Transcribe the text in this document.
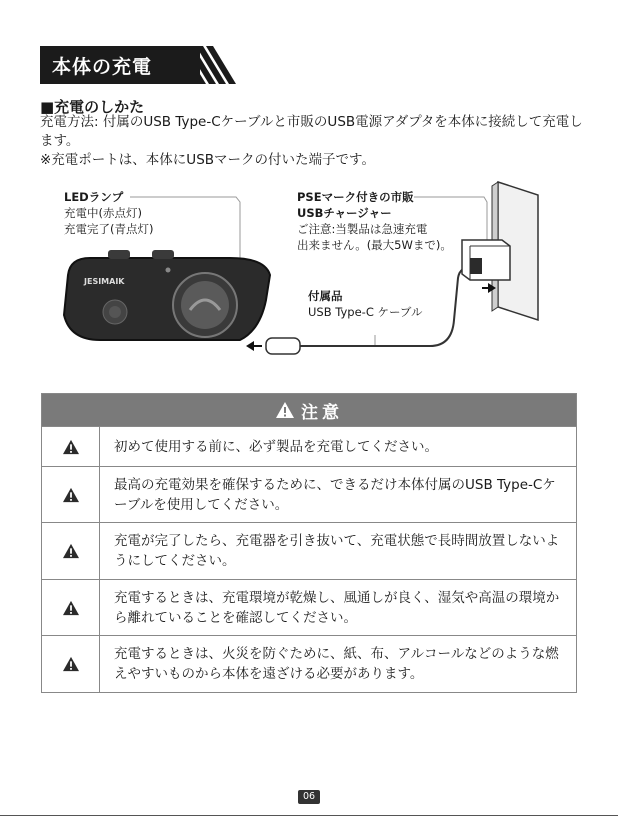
本体の充電
■充電のしかた
充電方法: 付属のUSB Type-Cケーブルと市販のUSB電源アダプタを本体に接続して充電します。
※充電ポートは、本体にUSBマークの付いた端子です。
JESIMAIK
LEDランプ
充電中(赤点灯)
充電完了(青点灯)
PSEマーク付きの市販
USBチャージャー
ご注意:当製品は急速充電
出来ません。(最大5Wまで)。
付属品
USB Type-C ケーブル
注意
初めて使用する前に、必ず製品を充電してください。
最高の充電効果を確保するために、できるだけ本体付属のUSB Type-Cケーブルを使用してください。
充電が完了したら、充電器を引き抜いて、充電状態で長時間放置しないようにしてください。
充電するときは、充電環境が乾燥し、風通しが良く、湿気や高温の環境から離れていることを確認してください。
充電するときは、火災を防ぐために、紙、布、アルコールなどのような燃えやすいものから本体を遠ざける必要があります。
06
